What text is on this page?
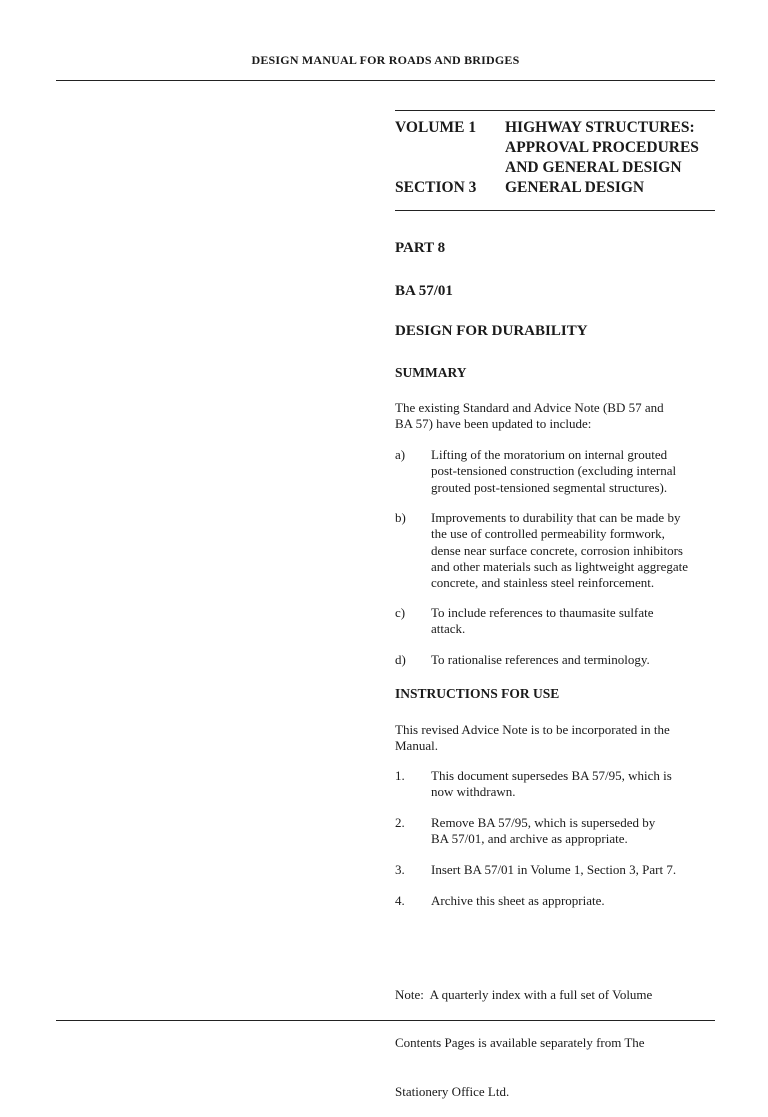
DESIGN MANUAL FOR ROADS AND BRIDGES
VOLUME 1	HIGHWAY STRUCTURES:
APPROVAL PROCEDURES
AND GENERAL DESIGN
SECTION 3	GENERAL DESIGN
PART 8
BA 57/01
DESIGN FOR DURABILITY
SUMMARY
The existing Standard and Advice Note (BD 57 and
BA 57) have been updated to include:
a)	Lifting of the moratorium on internal grouted
post-tensioned construction (excluding internal
grouted post-tensioned segmental structures).
b)	Improvements to durability that can be made by
the use of controlled permeability formwork,
dense near surface concrete, corrosion inhibitors
and other materials such as lightweight aggregate
concrete, and stainless steel reinforcement.
c)	To include references to thaumasite sulfate
attack.
d)	To rationalise references and terminology.
INSTRUCTIONS FOR USE
This revised Advice Note is to be incorporated in the
Manual.
1.	This document supersedes BA 57/95, which is
now withdrawn.
2.	Remove BA 57/95, which is superseded by
BA 57/01, and archive as appropriate.
3.	Insert BA 57/01 in Volume 1, Section 3, Part 7.
4.	Archive this sheet as appropriate.

Note:  A quarterly index with a full set of Volume

Contents Pages is available separately from The

Stationery Office Ltd.
